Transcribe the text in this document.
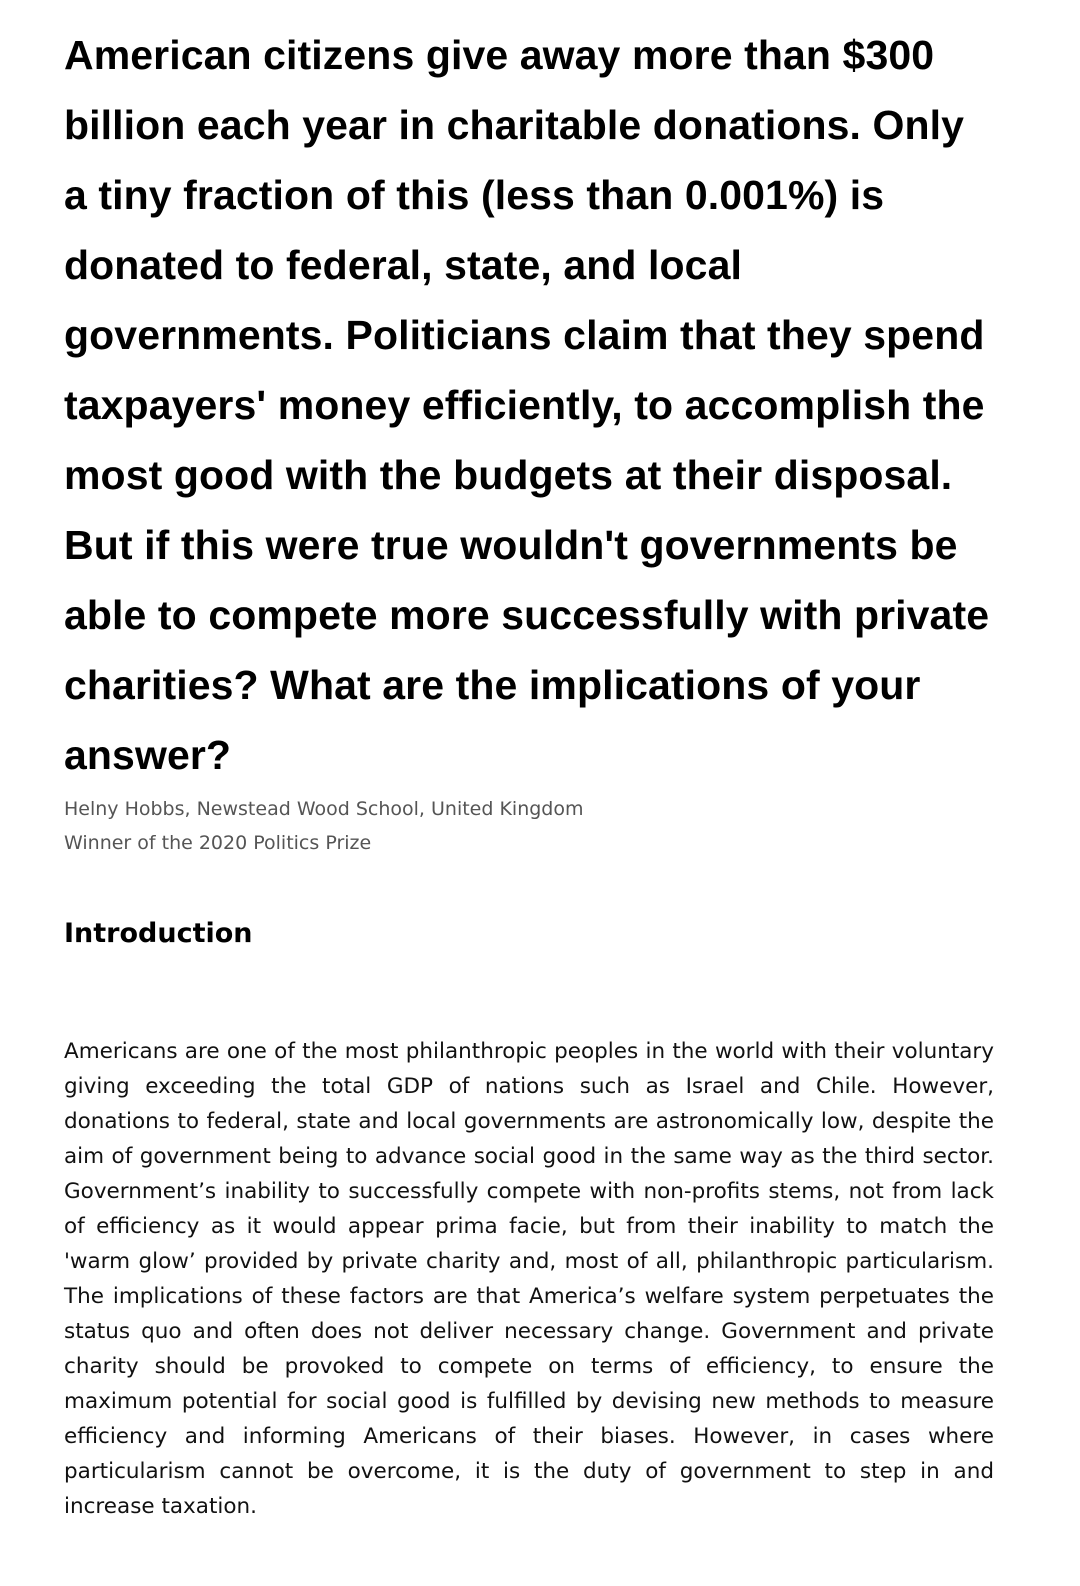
American citizens give away more than $300 billion each year in charitable donations. Only a tiny fraction of this (less than 0.001%) is donated to federal, state, and local governments. Politicians claim that they spend taxpayers' money efficiently, to accomplish the most good with the budgets at their disposal. But if this were true wouldn't governments be able to compete more successfully with private charities? What are the implications of your answer?
Helny Hobbs, Newstead Wood School, United Kingdom
Winner of the 2020 Politics Prize
Introduction

Americans are one of the most philanthropic peoples in the world with their voluntary giving exceeding the total GDP of nations such as Israel and Chile. However, donations to federal, state and local governments are astronomically low, despite the aim of government being to advance social good in the same way as the third sector. Government’s inability to successfully compete with non-profits stems, not from lack of efficiency as it would appear prima facie, but from their inability to match the 'warm glow’ provided by private charity and, most of all, philanthropic particularism. The implications of these factors are that America’s welfare system perpetuates the status quo and often does not deliver necessary change. Government and private charity should be provoked to compete on terms of efficiency, to ensure the maximum potential for social good is fulfilled by devising new methods to measure efficiency and informing Americans of their biases. However, in cases where particularism cannot be overcome, it is the duty of government to step in and increase taxation.
